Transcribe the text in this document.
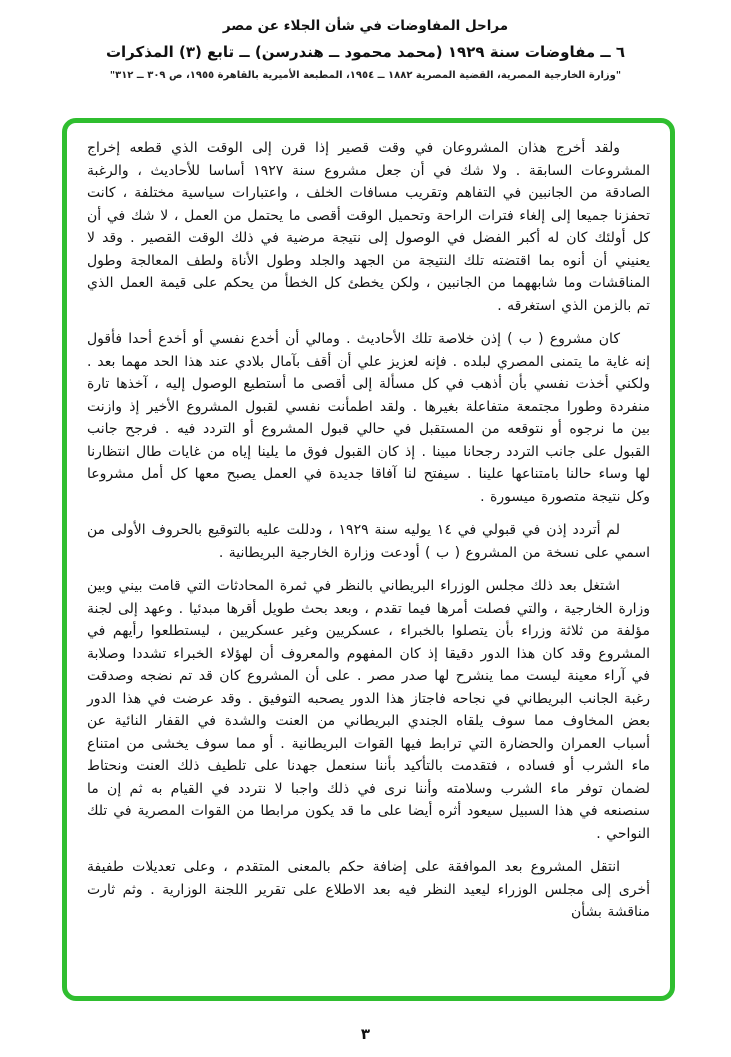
مراحل المفاوضات في شأن الجلاء عن مصر
٦ ــ مفاوضات سنة ١٩٢٩ (محمد محمود ــ هندرسن) ــ تابع (٣) المذكرات
"وزارة الخارجية المصرية، القضية المصرية ١٨٨٢ ــ ١٩٥٤، المطبعة الأميرية بالقاهرة ١٩٥٥، ص ٣٠٩ ــ ٣١٢"

ولقد أخرج هذان المشروعان في وقت قصير إذا قرن إلى الوقت الذي قطعه إخراج المشروعات السابقة . ولا شك في أن جعل مشروع سنة ١٩٢٧ أساسا للأحاديث ، والرغبة الصادقة من الجانبين في التفاهم وتقريب مسافات الخلف ، واعتبارات سياسية مختلفة ، كانت تحفزنا جميعا إلى إلغاء فترات الراحة وتحميل الوقت أقصى ما يحتمل من العمل ، لا شك في أن كل أولئك كان له أكبر الفضل في الوصول إلى نتيجة مرضية في ذلك الوقت القصير . وقد لا يعنيني أن أنوه بما اقتضته تلك النتيجة من الجهد والجلد وطول الأناة ولطف المعالجة وطول المناقشات وما شابههما من الجانبين ، ولكن يخطئ كل الخطأ من يحكم على قيمة العمل الذي تم بالزمن الذي استغرقه .

كان مشروع ( ب ) إذن خلاصة تلك الأحاديث . ومالي أن أخدع نفسي أو أخدع أحدا فأقول إنه غاية ما يتمنى المصري لبلده . فإنه لعزيز علي أن أقف بآمال بلادي عند هذا الحد مهما بعد . ولكني أخذت نفسي بأن أذهب في كل مسألة إلى أقصى ما أستطيع الوصول إليه ، آخذها تارة منفردة وطورا مجتمعة متفاعلة بغيرها . ولقد اطمأنت نفسي لقبول المشروع الأخير إذ وازنت بين ما نرجوه أو نتوقعه من المستقبل في حالي قبول المشروع أو التردد فيه . فرجح جانب القبول على جانب التردد رجحانا مبينا . إذ كان القبول فوق ما يلينا إياه من غايات طال انتظارنا لها وساء حالنا بامتناعها علينا . سيفتح لنا آفاقا جديدة في العمل يصبح معها كل أمل مشروعا وكل نتيجة متصورة ميسورة .

لم أتردد إذن في قبولي في ١٤ يوليه سنة ١٩٢٩ ، ودللت عليه بالتوقيع بالحروف الأولى من اسمي على نسخة من المشروع ( ب ) أودعت وزارة الخارجية البريطانية .

اشتغل بعد ذلك مجلس الوزراء البريطاني بالنظر في ثمرة المحادثات التي قامت بيني وبين وزارة الخارجية ، والتي فصلت أمرها فيما تقدم ، وبعد بحث طويل أقرها مبدئيا . وعهد إلى لجنة مؤلفة من ثلاثة وزراء بأن يتصلوا بالخبراء ، عسكريين وغير عسكريين ، ليستطلعوا رأيهم في المشروع وقد كان هذا الدور دقيقا إذ كان المفهوم والمعروف أن لهؤلاء الخبراء تشددا وصلابة في آراء معينة ليست مما ينشرح لها صدر مصر . على أن المشروع كان قد تم نضجه وصدقت رغبة الجانب البريطاني في نجاحه فاجتاز هذا الدور يصحبه التوفيق . وقد عرضت في هذا الدور بعض المخاوف مما سوف يلقاه الجندي البريطاني من العنت والشدة في القفار النائية عن أسباب العمران والحضارة التي ترابط فيها القوات البريطانية . أو مما سوف يخشى من امتناع ماء الشرب أو فساده ، فتقدمت بالتأكيد بأننا سنعمل جهدنا على تلطيف ذلك العنت ونحتاط لضمان توفر ماء الشرب وسلامته وأننا نرى في ذلك واجبا لا نتردد في القيام به ثم إن ما سنصنعه في هذا السبيل سيعود أثره أيضا على ما قد يكون مرابطا من القوات المصرية في تلك النواحي .

انتقل المشروع بعد الموافقة على إضافة حكم بالمعنى المتقدم ، وعلى تعديلات طفيفة أخرى إلى مجلس الوزراء ليعيد النظر فيه بعد الاطلاع على تقرير اللجنة الوزارية . وثم ثارت مناقشة بشأن

٣
